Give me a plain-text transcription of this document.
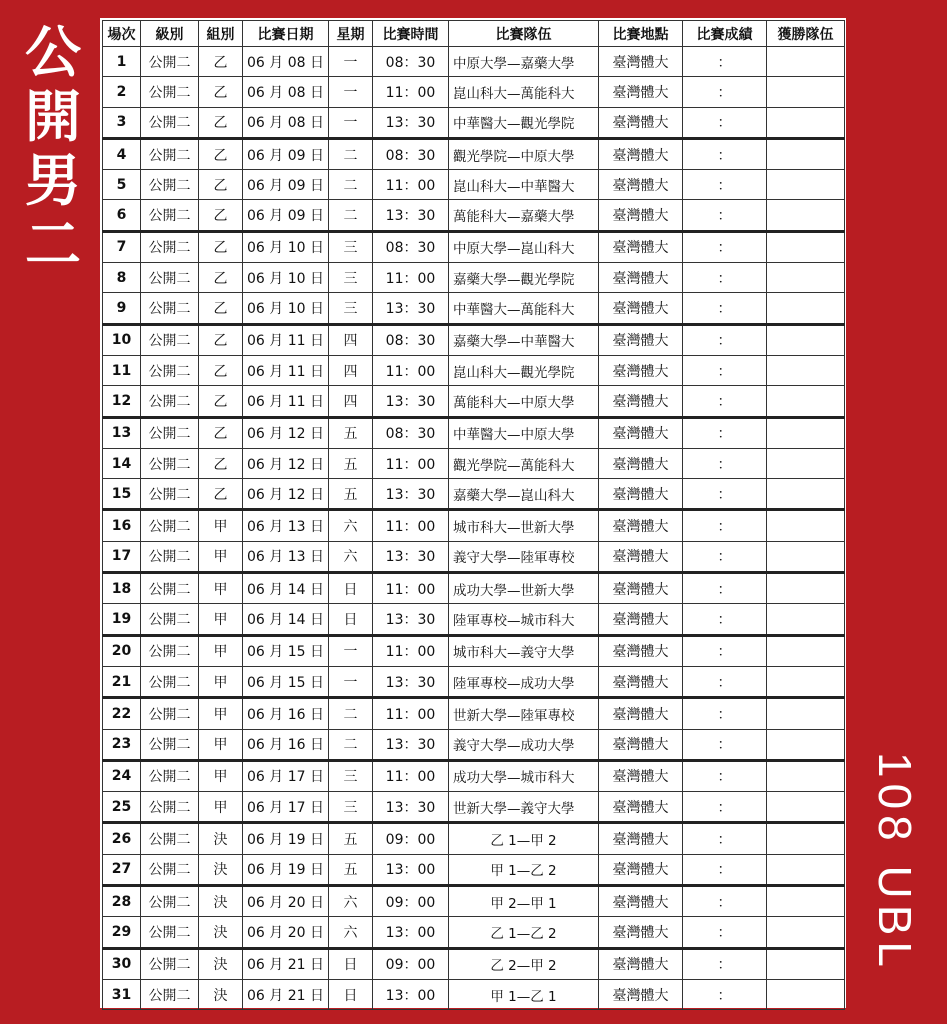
公
開
男
二
108 UBL
場次	級別	組別	比賽日期	星期	比賽時間	比賽隊伍	比賽地點	比賽成績	獲勝隊伍
1	公開二	乙	06 月 08 日	一	08：30	中原大學—嘉藥大學	臺灣體大	：	
2	公開二	乙	06 月 08 日	一	11：00	崑山科大—萬能科大	臺灣體大	：	
3	公開二	乙	06 月 08 日	一	13：30	中華醫大—觀光學院	臺灣體大	：	
4	公開二	乙	06 月 09 日	二	08：30	觀光學院—中原大學	臺灣體大	：	
5	公開二	乙	06 月 09 日	二	11：00	崑山科大—中華醫大	臺灣體大	：	
6	公開二	乙	06 月 09 日	二	13：30	萬能科大—嘉藥大學	臺灣體大	：	
7	公開二	乙	06 月 10 日	三	08：30	中原大學—崑山科大	臺灣體大	：	
8	公開二	乙	06 月 10 日	三	11：00	嘉藥大學—觀光學院	臺灣體大	：	
9	公開二	乙	06 月 10 日	三	13：30	中華醫大—萬能科大	臺灣體大	：	
10	公開二	乙	06 月 11 日	四	08：30	嘉藥大學—中華醫大	臺灣體大	：	
11	公開二	乙	06 月 11 日	四	11：00	崑山科大—觀光學院	臺灣體大	：	
12	公開二	乙	06 月 11 日	四	13：30	萬能科大—中原大學	臺灣體大	：	
13	公開二	乙	06 月 12 日	五	08：30	中華醫大—中原大學	臺灣體大	：	
14	公開二	乙	06 月 12 日	五	11：00	觀光學院—萬能科大	臺灣體大	：	
15	公開二	乙	06 月 12 日	五	13：30	嘉藥大學—崑山科大	臺灣體大	：	
16	公開二	甲	06 月 13 日	六	11：00	城市科大—世新大學	臺灣體大	：	
17	公開二	甲	06 月 13 日	六	13：30	義守大學—陸軍專校	臺灣體大	：	
18	公開二	甲	06 月 14 日	日	11：00	成功大學—世新大學	臺灣體大	：	
19	公開二	甲	06 月 14 日	日	13：30	陸軍專校—城市科大	臺灣體大	：	
20	公開二	甲	06 月 15 日	一	11：00	城市科大—義守大學	臺灣體大	：	
21	公開二	甲	06 月 15 日	一	13：30	陸軍專校—成功大學	臺灣體大	：	
22	公開二	甲	06 月 16 日	二	11：00	世新大學—陸軍專校	臺灣體大	：	
23	公開二	甲	06 月 16 日	二	13：30	義守大學—成功大學	臺灣體大	：	
24	公開二	甲	06 月 17 日	三	11：00	成功大學—城市科大	臺灣體大	：	
25	公開二	甲	06 月 17 日	三	13：30	世新大學—義守大學	臺灣體大	：	
26	公開二	決	06 月 19 日	五	09：00	乙 1—甲 2	臺灣體大	：	
27	公開二	決	06 月 19 日	五	13：00	甲 1—乙 2	臺灣體大	：	
28	公開二	決	06 月 20 日	六	09：00	甲 2—甲 1	臺灣體大	：	
29	公開二	決	06 月 20 日	六	13：00	乙 1—乙 2	臺灣體大	：	
30	公開二	決	06 月 21 日	日	09：00	乙 2—甲 2	臺灣體大	：	
31	公開二	決	06 月 21 日	日	13：00	甲 1—乙 1	臺灣體大	：	
